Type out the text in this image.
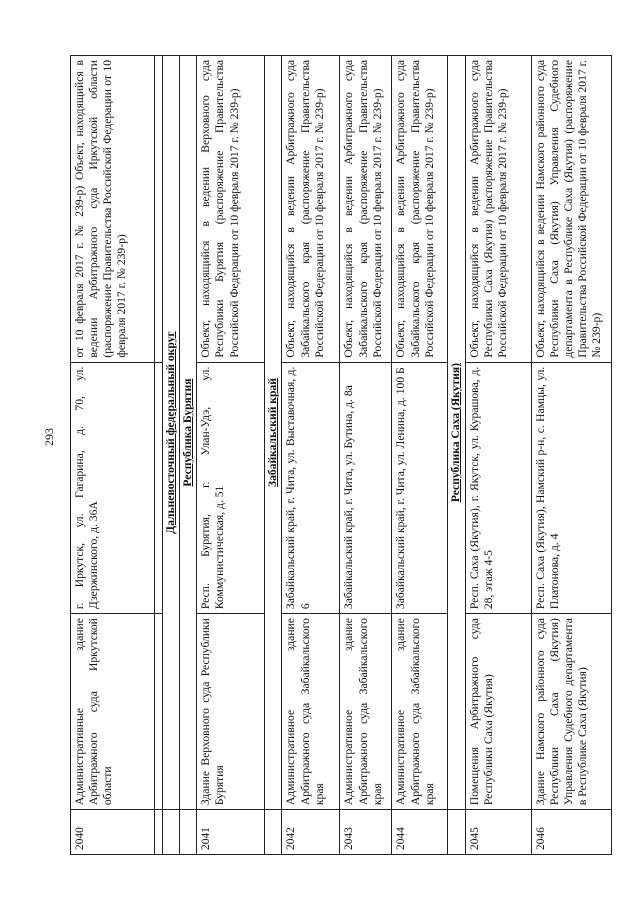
293
2040	Административные здание Арбитражного суда Иркутской области	г. Иркутск, ул. Гагарина, д. 70, ул. Дзержинского, д. 36А	от 10 февраля 2017 г. № 239-р) Объект, находящийся в ведении Арбитражного суда Иркутской области (распоряжение Правительства Российской Федерации от 10 февраля 2017 г. № 239-р)

	Дальневосточный федеральный округ		
	Республика Бурятия		
2041	Здание Верховного суда Республики Бурятия	Респ. Бурятия, г. Улан-Удэ, ул. Коммунистическая, д. 51	Объект, находящийся в ведении Верховного суда Республики Бурятия (распоряжение Правительства Российской Федерации от 10 февраля 2017 г. № 239-р)
	Забайкальский край		
2042	Административное здание Арбитражного суда Забайкальского края	Забайкальский край, г. Чита, ул. Выставочная, д. 6	Объект, находящийся в ведении Арбитражного суда Забайкальского края (распоряжение Правительства Российской Федерации от 10 февраля 2017 г. № 239-р)
2043	Административное здание Арбитражного суда Забайкальского края	Забайкальский край, г. Чита, ул. Бутина, д. 8а	Объект, находящийся в ведении Арбитражного суда Забайкальского края (распоряжение Правительства Российской Федерации от 10 февраля 2017 г. № 239-р)
2044	Административное здание Арбитражного суда Забайкальского края	Забайкальский край, г. Чита, ул. Ленина, д. 100 Б	Объект, находящийся в ведении Арбитражного суда Забайкальского края (распоряжение Правительства Российской Федерации от 10 февраля 2017 г. № 239-р)
	Республика Саха (Якутия)		
2045	Помещения Арбитражного суда Республики Саха (Якутия)	Респ. Саха (Якутия), г. Якутск, ул. Курашова, д. 28, этаж 4-5	Объект, находящийся в ведении Арбитражного суда Республики Саха (Якутия) (распоряжение Правительства Российской Федерации от 10 февраля 2017 г. № 239-р)
2046	Здание Намского районного суда Республики Саха (Якутия) Управления Судебного департамента в Республике Саха (Якутия)	Респ. Саха (Якутия), Намский р-н, с. Намцы, ул. Платонова, д. 4	Объект, находящийся в ведении Намского районного суда Республики Саха (Якутия) Управления Судебного департамента в Республике Саха (Якутия) (распоряжение Правительства Российской Федерации от 10 февраля 2017 г. № 239-р)
